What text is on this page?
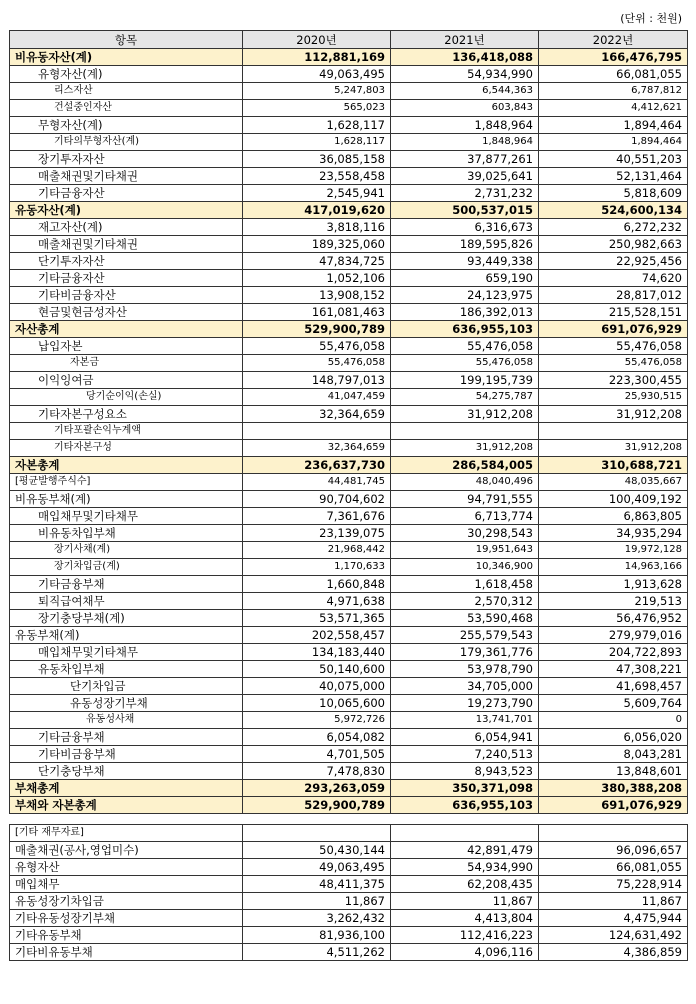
(단위 : 천원)
항목	2020년	2021년	2022년
비유동자산(계)	112,881,169	136,418,088	166,476,795
유형자산(계)	49,063,495	54,934,990	66,081,055
리스자산	5,247,803	6,544,363	6,787,812
건설중인자산	565,023	603,843	4,412,621
무형자산(계)	1,628,117	1,848,964	1,894,464
기타의무형자산(계)	1,628,117	1,848,964	1,894,464
장기투자자산	36,085,158	37,877,261	40,551,203
매출채권및기타채권	23,558,458	39,025,641	52,131,464
기타금융자산	2,545,941	2,731,232	5,818,609
유동자산(계)	417,019,620	500,537,015	524,600,134
재고자산(계)	3,818,116	6,316,673	6,272,232
매출채권및기타채권	189,325,060	189,595,826	250,982,663
단기투자자산	47,834,725	93,449,338	22,925,456
기타금융자산	1,052,106	659,190	74,620
기타비금융자산	13,908,152	24,123,975	28,817,012
현금및현금성자산	161,081,463	186,392,013	215,528,151
자산총계	529,900,789	636,955,103	691,076,929
납입자본	55,476,058	55,476,058	55,476,058
자본금	55,476,058	55,476,058	55,476,058
이익잉여금	148,797,013	199,195,739	223,300,455
당기순이익(손실)	41,047,459	54,275,787	25,930,515
기타자본구성요소	32,364,659	31,912,208	31,912,208
기타포괄손익누계액			
기타자본구성	32,364,659	31,912,208	31,912,208
자본총계	236,637,730	286,584,005	310,688,721
[평균발행주식수]	44,481,745	48,040,496	48,035,667
비유동부채(계)	90,704,602	94,791,555	100,409,192
매입채무및기타채무	7,361,676	6,713,774	6,863,805
비유동차입부채	23,139,075	30,298,543	34,935,294
장기사채(계)	21,968,442	19,951,643	19,972,128
장기차입금(계)	1,170,633	10,346,900	14,963,166
기타금융부채	1,660,848	1,618,458	1,913,628
퇴직급여채무	4,971,638	2,570,312	219,513
장기충당부채(계)	53,571,365	53,590,468	56,476,952
유동부채(계)	202,558,457	255,579,543	279,979,016
매입채무및기타채무	134,183,440	179,361,776	204,722,893
유동차입부채	50,140,600	53,978,790	47,308,221
단기차입금	40,075,000	34,705,000	41,698,457
유동성장기부채	10,065,600	19,273,790	5,609,764
유동성사채	5,972,726	13,741,701	0
기타금융부채	6,054,082	6,054,941	6,056,020
기타비금융부채	4,701,505	7,240,513	8,043,281
단기충당부채	7,478,830	8,943,523	13,848,601
부채총계	293,263,059	350,371,098	380,388,208
부채와 자본총계	529,900,789	636,955,103	691,076,929

[기타 재무자료]			
매출채권(공사,영업미수)	50,430,144	42,891,479	96,096,657
유형자산	49,063,495	54,934,990	66,081,055
매입채무	48,411,375	62,208,435	75,228,914
유동성장기차입금	11,867	11,867	11,867
기타유동성장기부채	3,262,432	4,413,804	4,475,944
기타유동부채	81,936,100	112,416,223	124,631,492
기타비유동부채	4,511,262	4,096,116	4,386,859
